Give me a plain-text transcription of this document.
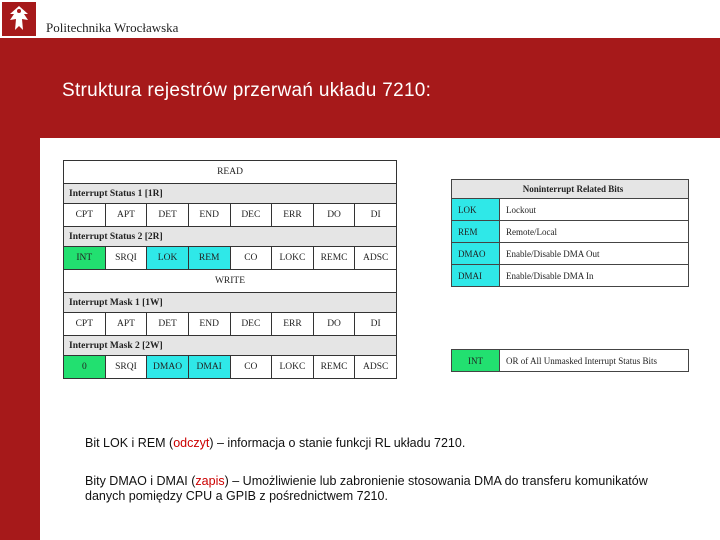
Politechnika Wrocławska
Struktura rejestrów przerwań układu 7210:
READ							
Interrupt Status 1 [1R]							
CPT	APT	DET	END	DEC	ERR	DO	DI
Interrupt Status 2 [2R]							
INT	SRQI	LOK	REM	CO	LOKC	REMC	ADSC
WRITE							
Interrupt Mask 1 [1W]							
CPT	APT	DET	END	DEC	ERR	DO	DI
Interrupt Mask 2 [2W]							
0	SRQI	DMAO	DMAI	CO	LOKC	REMC	ADSC
Noninterrupt Related Bits	
LOK	Lockout
REM	Remote/Local
DMAO	Enable/Disable DMA Out
DMAI	Enable/Disable DMA In
INT	OR of All Unmasked Interrupt Status Bits
Bit LOK i REM (odczyt) – informacja o stanie funkcji RL układu 7210.
Bity DMAO i DMAI (zapis) – Umożliwienie lub zabronienie stosowania DMA do transferu komunikatów danych pomiędzy CPU a GPIB z pośrednictwem 7210.
